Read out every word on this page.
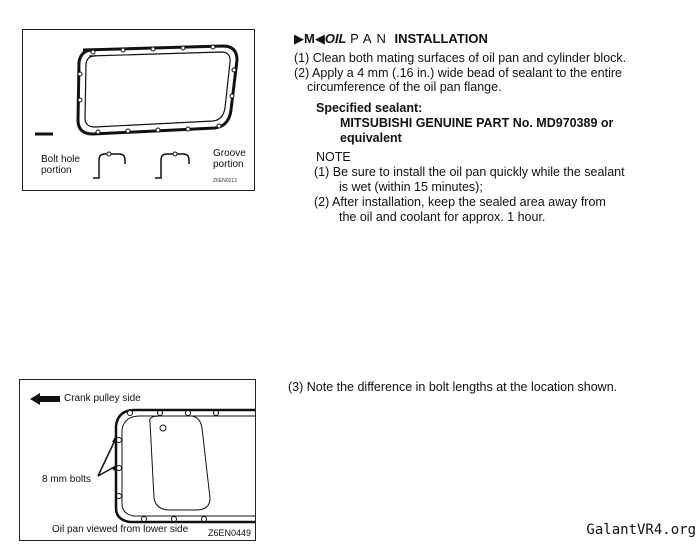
Bolt hole
portion
Groove
portion
Z6EN0213
▶M◀OIL PAN INSTALLATION
(1) Clean both mating surfaces of oil pan and cylinder block.
(2) Apply a 4 mm (.16 in.) wide bead of sealant to the entire
circumference of the oil pan flange.
Specified sealant:
MITSUBISHI GENUINE PART No. MD970389 or
equivalent
NOTE
(1) Be sure to install the oil pan quickly while the sealant
is wet (within 15 minutes);
(2) After installation, keep the sealed area away from
the oil and coolant for approx. 1 hour.
(3) Note the difference in bolt lengths at the location shown.
Crank pulley side
8 mm bolts
Oil pan viewed from lower side Z6EN0449	GalantVR4.org
